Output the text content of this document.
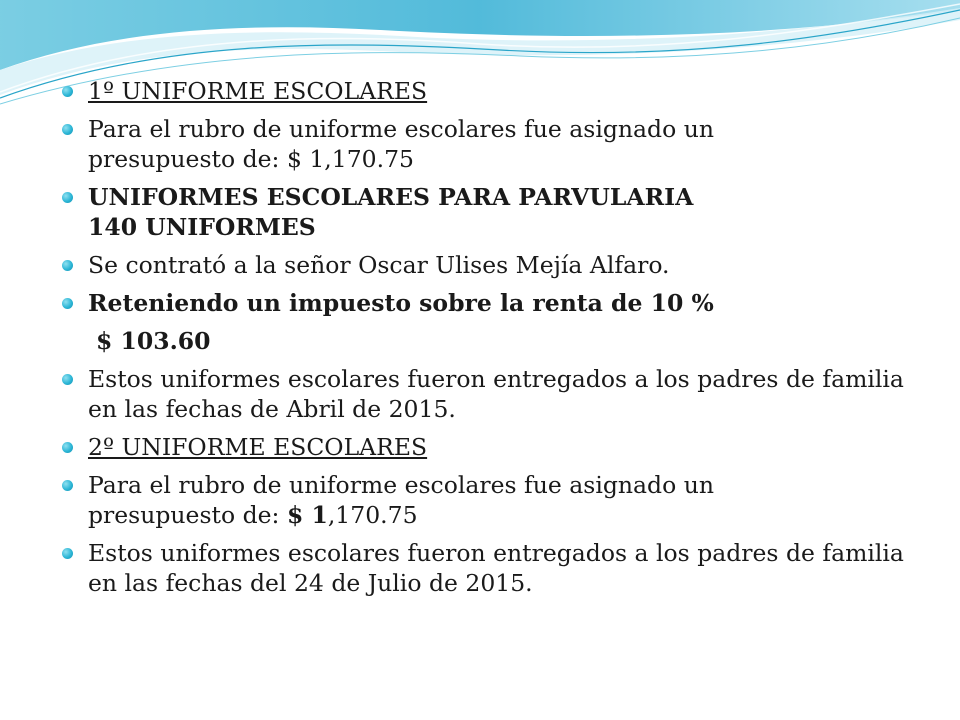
1º UNIFORME ESCOLARES
Para el rubro de uniforme escolares fue asignado un
presupuesto de: $ 1,170.75
UNIFORMES ESCOLARES PARA PARVULARIA
140 UNIFORMES
Se contrató a la señor Oscar Ulises Mejía Alfaro.
Reteniendo un impuesto sobre la renta de 10 %
$ 103.60
Estos uniformes escolares fueron entregados a los padres de familia en las fechas de Abril de 2015.
2º UNIFORME ESCOLARES
Para el rubro de uniforme escolares fue asignado un
presupuesto de: $ 1,170.75
Estos uniformes escolares fueron entregados a los padres de familia en las fechas del 24 de Julio de 2015.
